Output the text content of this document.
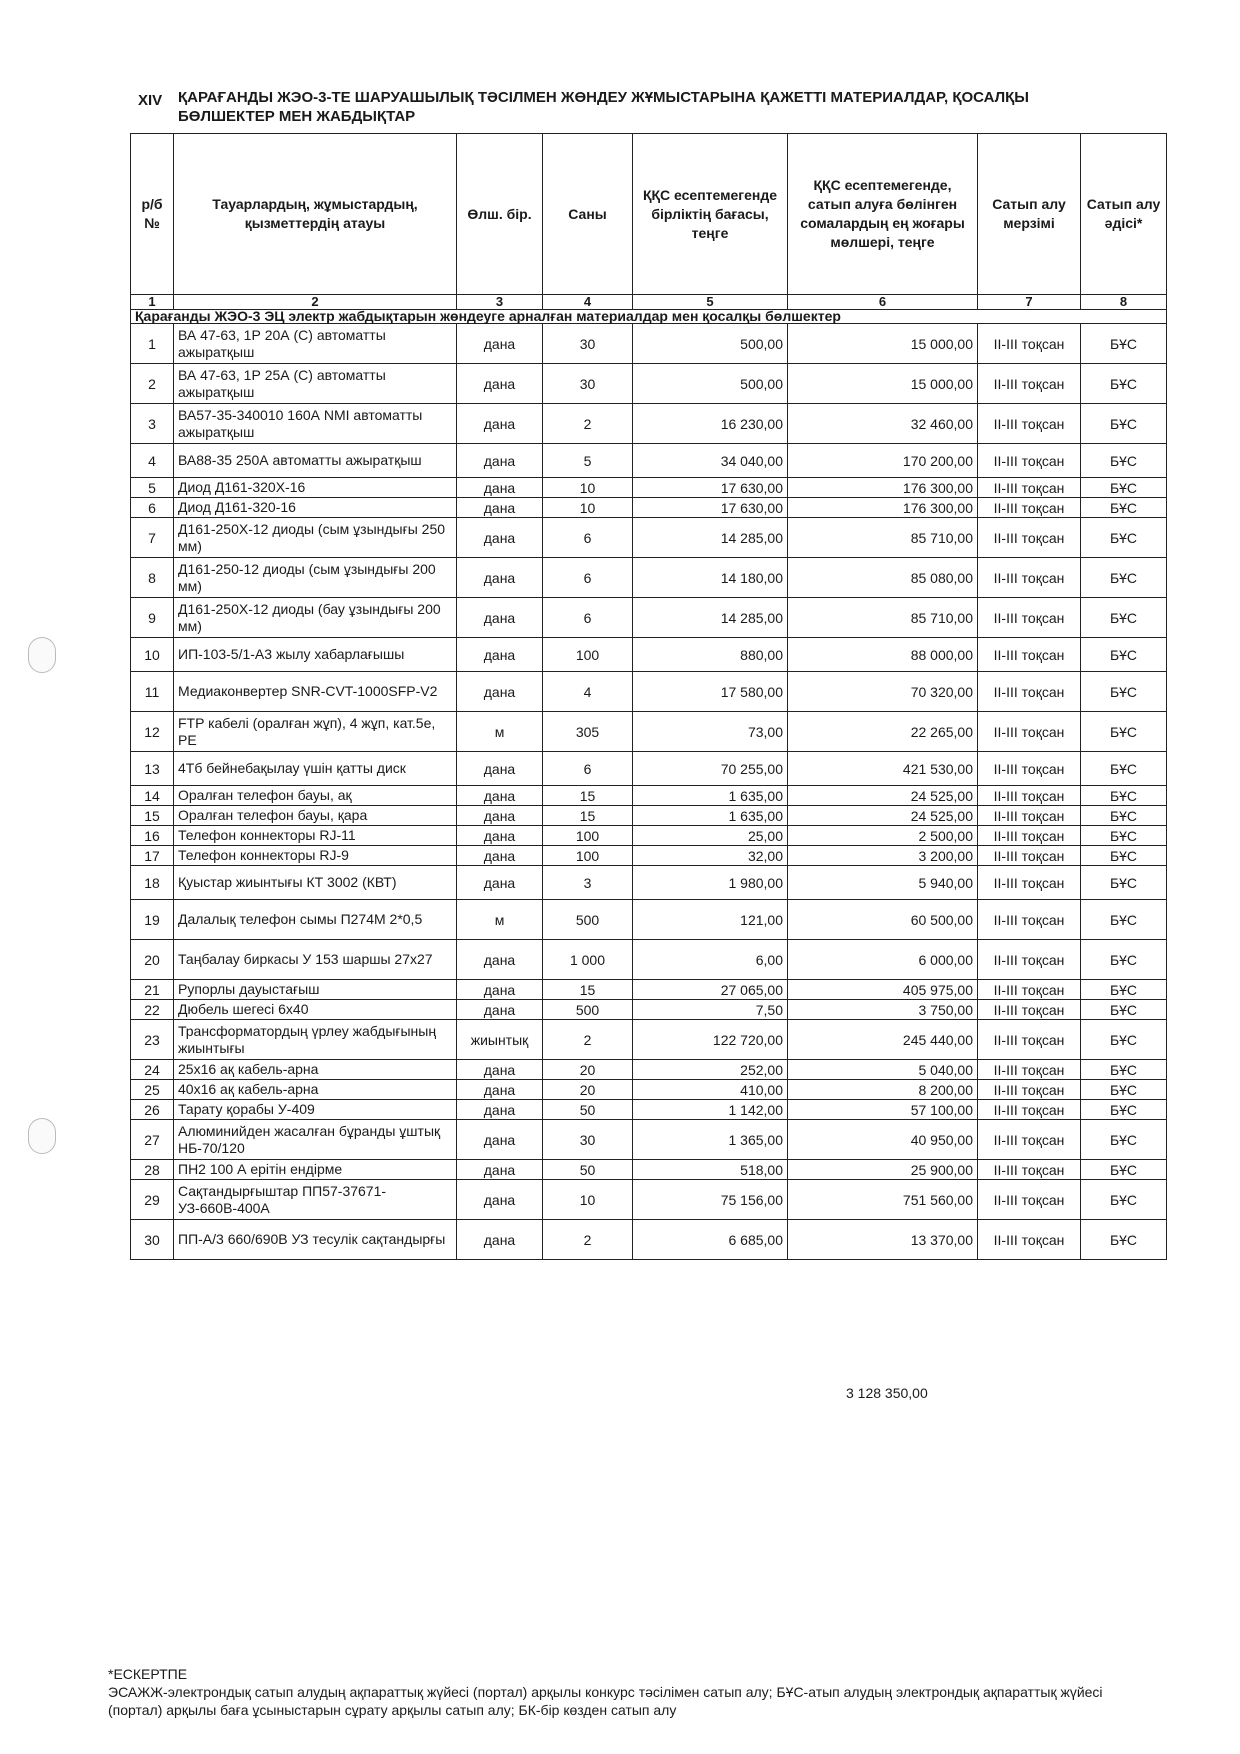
XIV ҚАРАҒАНДЫ ЖЭО-3-ТЕ ШАРУАШЫЛЫҚ ТӘСІЛМЕН ЖӨНДЕУ ЖҰМЫСТАРЫНА ҚАЖЕТТІ МАТЕРИАЛДАР, ҚОСАЛҚЫ БӨЛШЕКТЕР МЕН ЖАБДЫҚТАР
р/б №	Тауарлардың, жұмыстардың, қызметтердің атауы	Өлш. бір.	Саны	ҚҚС есептемегенде бірліктің бағасы, теңге	ҚҚС есептемегенде, сатып алуға бөлінген сомалардың ең жоғары мөлшері, теңге	Сатып алу мерзімі	Сатып алу әдісі*
1	2	3	4	5	6	7	8
Қарағанды ЖЭО-3 ЭЦ электр жабдықтарын жөндеуге арналған материалдар мен қосалқы бөлшектер							
1	ВА 47-63, 1Р 20А (С) автоматты ажыратқыш	дана	30	500,00	15 000,00	ІІ-ІІІ тоқсан	БҰС
2	ВА 47-63, 1Р 25А (С) автоматты ажыратқыш	дана	30	500,00	15 000,00	ІІ-ІІІ тоқсан	БҰС
3	ВА57-35-340010 160А NMI автоматты ажыратқыш	дана	2	16 230,00	32 460,00	ІІ-ІІІ тоқсан	БҰС
4	ВА88-35 250А автоматты ажыратқыш	дана	5	34 040,00	170 200,00	ІІ-ІІІ тоқсан	БҰС
5	Диод Д161-320Х-16	дана	10	17 630,00	176 300,00	ІІ-ІІІ тоқсан	БҰС
6	Диод Д161-320-16	дана	10	17 630,00	176 300,00	ІІ-ІІІ тоқсан	БҰС
7	Д161-250Х-12 диоды (сым ұзындығы 250 мм)	дана	6	14 285,00	85 710,00	ІІ-ІІІ тоқсан	БҰС
8	Д161-250-12 диоды (сым ұзындығы 200 мм)	дана	6	14 180,00	85 080,00	ІІ-ІІІ тоқсан	БҰС
9	Д161-250Х-12 диоды (бау ұзындығы 200 мм)	дана	6	14 285,00	85 710,00	ІІ-ІІІ тоқсан	БҰС
10	ИП-103-5/1-А3 жылу хабарлағышы	дана	100	880,00	88 000,00	ІІ-ІІІ тоқсан	БҰС
11	Медиаконвертер SNR-CVT-1000SFP-V2	дана	4	17 580,00	70 320,00	ІІ-ІІІ тоқсан	БҰС
12	FTP кабелі (оралған жұп), 4 жұп, кат.5е, РЕ	м	305	73,00	22 265,00	ІІ-ІІІ тоқсан	БҰС
13	4Тб бейнебақылау үшін қатты диск	дана	6	70 255,00	421 530,00	ІІ-ІІІ тоқсан	БҰС
14	Оралған телефон бауы, ақ	дана	15	1 635,00	24 525,00	ІІ-ІІІ тоқсан	БҰС
15	Оралған телефон бауы, қара	дана	15	1 635,00	24 525,00	ІІ-ІІІ тоқсан	БҰС
16	Телефон коннекторы RJ-11	дана	100	25,00	2 500,00	ІІ-ІІІ тоқсан	БҰС
17	Телефон коннекторы RJ-9	дана	100	32,00	3 200,00	ІІ-ІІІ тоқсан	БҰС
18	Қуыстар жиынтығы КТ 3002 (КВТ)	дана	3	1 980,00	5 940,00	ІІ-ІІІ тоқсан	БҰС
19	Далалық телефон сымы П274М 2*0,5	м	500	121,00	60 500,00	ІІ-ІІІ тоқсан	БҰС
20	Таңбалау биркасы У 153 шаршы 27х27	дана	1 000	6,00	6 000,00	ІІ-ІІІ тоқсан	БҰС
21	Рупорлы дауыстағыш	дана	15	27 065,00	405 975,00	ІІ-ІІІ тоқсан	БҰС
22	Дюбель шегесі 6х40	дана	500	7,50	3 750,00	ІІ-ІІІ тоқсан	БҰС
23	Трансформатордың үрлеу жабдығының жиынтығы	жиынтық	2	122 720,00	245 440,00	ІІ-ІІІ тоқсан	БҰС
24	25х16 ақ кабель-арна	дана	20	252,00	5 040,00	ІІ-ІІІ тоқсан	БҰС
25	40х16 ақ кабель-арна	дана	20	410,00	8 200,00	ІІ-ІІІ тоқсан	БҰС
26	Тарату қорабы У-409	дана	50	1 142,00	57 100,00	ІІ-ІІІ тоқсан	БҰС
27	Алюминийден жасалған бұранды ұштық НБ-70/120	дана	30	1 365,00	40 950,00	ІІ-ІІІ тоқсан	БҰС
28	ПН2 100 А ерітін ендірме	дана	50	518,00	25 900,00	ІІ-ІІІ тоқсан	БҰС
29	Сақтандырғыштар ПП57-37671-УЗ-660В-400А	дана	10	75 156,00	751 560,00	ІІ-ІІІ тоқсан	БҰС
30	ПП-А/3 660/690В УЗ тесулік сақтандырғы	дана	2	6 685,00	13 370,00	ІІ-ІІІ тоқсан	БҰС
3 128 350,00
*ЕСКЕРТПЕ
ЭСАЖЖ-электрондық сатып алудың ақпараттық жүйесі (портал) арқылы конкурс тәсілімен сатып алу; БҰС-атып алудың электрондық ақпараттық жүйесі (портал) арқылы баға ұсыныстарын сұрату арқылы сатып алу; БК-бір көзден сатып алу
